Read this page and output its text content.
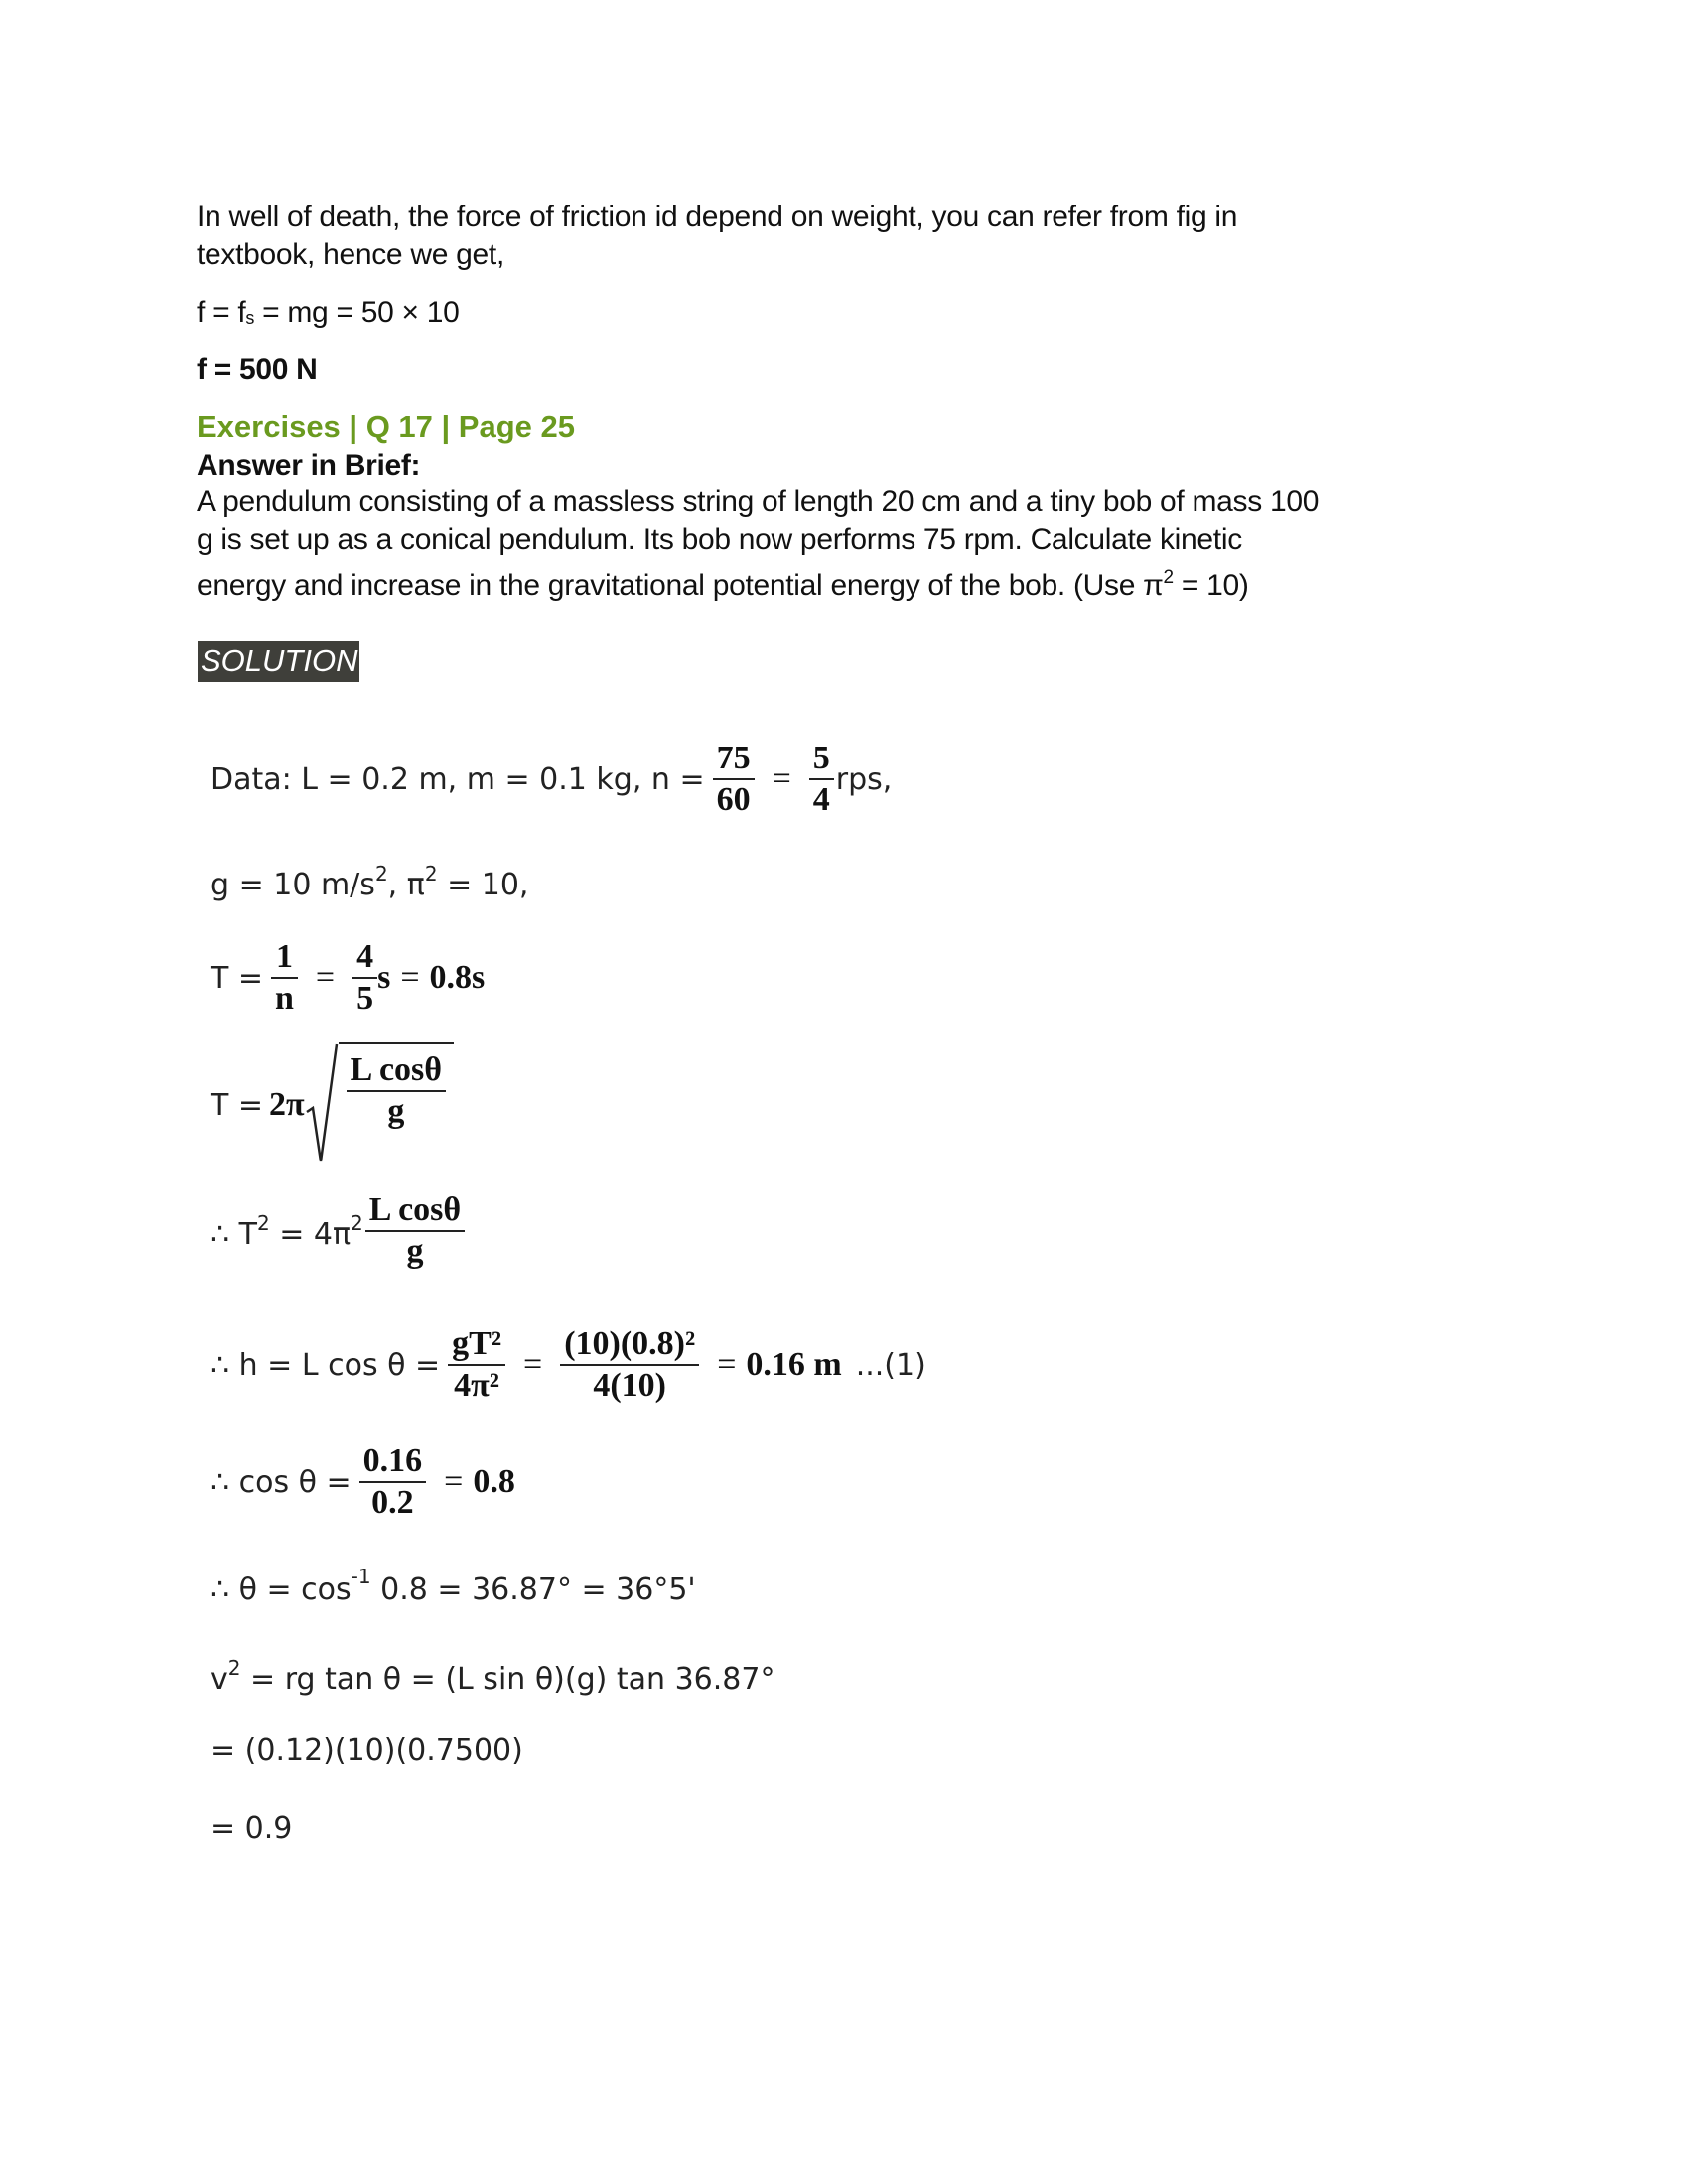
In well of death, the force of friction id depend on weight, you can refer from fig in
textbook, hence we get,
f = fs = mg = 50 × 10
f = 500 N
Exercises | Q 17 | Page 25
Answer in Brief:
A pendulum consisting of a massless string of length 20 cm and a tiny bob of mass 100
g is set up as a conical pendulum. Its bob now performs 75 rpm. Calculate kinetic
energy and increase in the gravitational potential energy of the bob. (Use $\pi^2 = 10$)
SOLUTION
Data: L = 0.2 m, m = 0.1 kg, $n = \frac{75}{60} = \frac{5}{4}$ rps,
g = 10 $m/s^2$, $\pi^2 = 10$,
$T = \frac{1}{n} = \frac{4}{5}$ s = 0.8s
$T = 2\pi \frac{\text{L cosθ}}{g}$
∴ $T^2 = 4\pi^2 \frac{\text{L cosθ}}{g}$
∴ h = L $\cos \theta = \frac{\text{gT²}}{\text{4π²}} = \frac{\text{(10)(0.8)²}}{4(10)} = 0.16$ m ...(1)
∴ $\cos \theta = \frac{0.16}{0.2} = 0.8$
∴ $\theta = \cos^{-1} 0.8 = 36.87^\circ = 36^\circ 5'$
$v^2$ = rg tan θ = (L sin θ)(g) tan 36.87°
= (0.12)(10)(0.7500)
= 0.9
